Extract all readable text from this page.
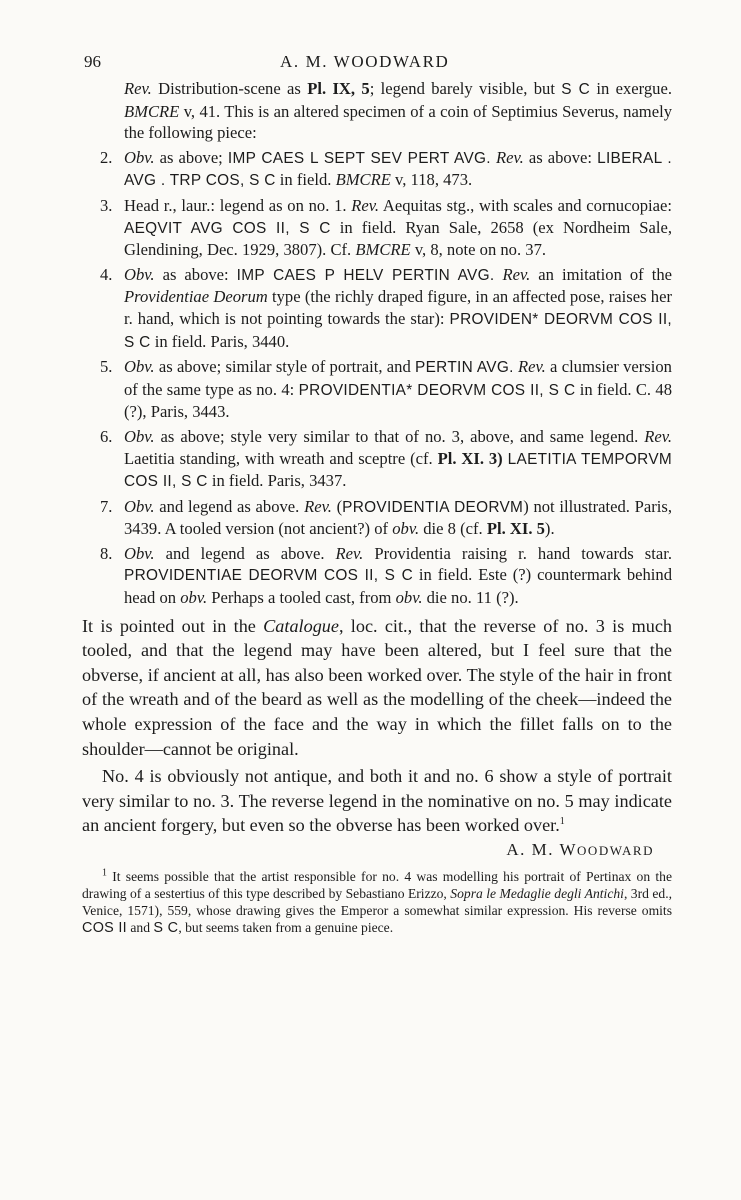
96	A. M. WOODWARD

Rev. Distribution-scene as Pl. IX, 5; legend barely visible, but S C in exergue. BMCRE v, 41. This is an altered specimen of a coin of Septimius Severus, namely the following piece:

2. Obv. as above; IMP CAES L SEPT SEV PERT AVG. Rev. as above: LIBERAL . AVG . TRP COS, S C in field. BMCRE v, 118, 473.

3. Head r., laur.: legend as on no. 1. Rev. Aequitas stg., with scales and cornucopiae: AEQVIT AVG COS II, S C in field. Ryan Sale, 2658 (ex Nordheim Sale, Glendining, Dec. 1929, 3807). Cf. BMCRE v, 8, note on no. 37.

4. Obv. as above: IMP CAES P HELV PERTIN AVG. Rev. an imitation of the Providentiae Deorum type (the richly draped figure, in an affected pose, raises her r. hand, which is not pointing towards the star): PROVIDEN* DEORVM COS II, S C in field. Paris, 3440.

5. Obv. as above; similar style of portrait, and PERTIN AVG. Rev. a clumsier version of the same type as no. 4: PROVIDENTIA* DEORVM COS II, S C in field. C. 48 (?), Paris, 3443.

6. Obv. as above; style very similar to that of no. 3, above, and same legend. Rev. Laetitia standing, with wreath and sceptre (cf. Pl. XI. 3) LAETITIA TEMPORVM COS II, S C in field. Paris, 3437.

7. Obv. and legend as above. Rev. (PROVIDENTIA DEORVM) not illustrated. Paris, 3439. A tooled version (not ancient?) of obv. die 8 (cf. Pl. XI. 5).

8. Obv. and legend as above. Rev. Providentia raising r. hand towards star. PROVIDENTIAE DEORVM COS II, S C in field. Este (?) countermark behind head on obv. Perhaps a tooled cast, from obv. die no. 11 (?).

It is pointed out in the Catalogue, loc. cit., that the reverse of no. 3 is much tooled, and that the legend may have been altered, but I feel sure that the obverse, if ancient at all, has also been worked over. The style of the hair in front of the wreath and of the beard as well as the modelling of the cheek—indeed the whole expression of the face and the way in which the fillet falls on to the shoulder—cannot be original.

No. 4 is obviously not antique, and both it and no. 6 show a style of portrait very similar to no. 3. The reverse legend in the nominative on no. 5 may indicate an ancient forgery, but even so the obverse has been worked over.$^1$

A. M. WOODWARD

$^1$ It seems possible that the artist responsible for no. 4 was modelling his portrait of Pertinax on the drawing of a sestertius of this type described by Sebastiano Erizzo, Sopra le Medaglie degli Antichi, 3rd ed., Venice, 1571), 559, whose drawing gives the Emperor a somewhat similar expression. His reverse omits COS II and S C, but seems taken from a genuine piece.
